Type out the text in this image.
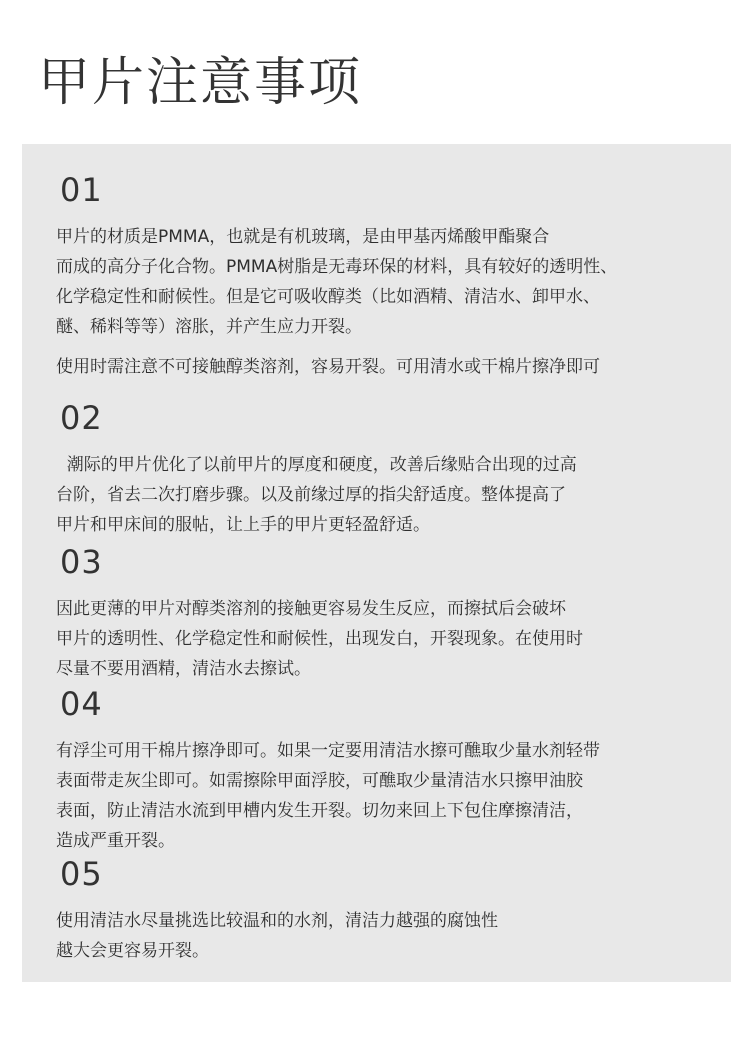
甲片注意事项
01

甲片的材质是PMMA，也就是有机玻璃，是由甲基丙烯酸甲酯聚合
而成的高分子化合物。PMMA树脂是无毒环保的材料，具有较好的透明性、
化学稳定性和耐候性。但是它可吸收醇类（比如酒精、清洁水、卸甲水、
醚、稀料等等）溶胀，并产生应力开裂。

使用时需注意不可接触醇类溶剂，容易开裂。可用清水或干棉片擦净即可

02

潮际的甲片优化了以前甲片的厚度和硬度，改善后缘贴合出现的过高
台阶，省去二次打磨步骤。以及前缘过厚的指尖舒适度。整体提高了
甲片和甲床间的服帖，让上手的甲片更轻盈舒适。

03

因此更薄的甲片对醇类溶剂的接触更容易发生反应，而擦拭后会破坏
甲片的透明性、化学稳定性和耐候性，出现发白，开裂现象。在使用时
尽量不要用酒精，清洁水去擦试。

04

有浮尘可用干棉片擦净即可。如果一定要用清洁水擦可醮取少量水剂轻带
表面带走灰尘即可。如需擦除甲面浮胶，可醮取少量清洁水只擦甲油胶
表面，防止清洁水流到甲槽内发生开裂。切勿来回上下包住摩擦清洁，
造成严重开裂。

05

使用清洁水尽量挑选比较温和的水剂，清洁力越强的腐蚀性
越大会更容易开裂。
